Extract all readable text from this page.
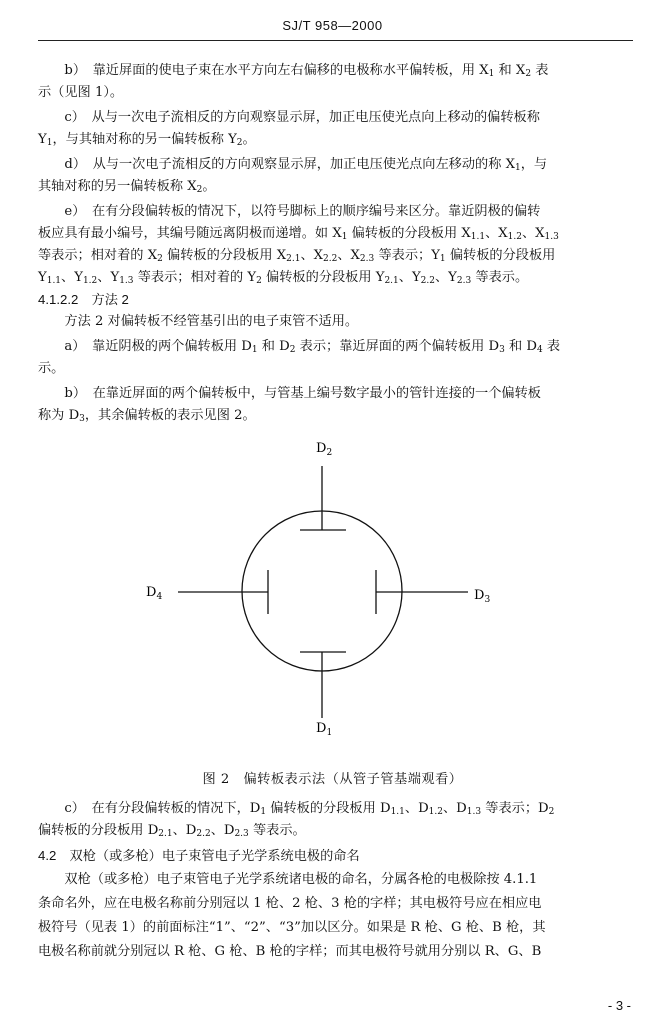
SJ/T 958—2000
b）　靠近屏面的使电子束在水平方向左右偏移的电极称水平偏转板，用 $X_1$ 和 $X_2$ 表
示（见图 1）。
c）　从与一次电子流相反的方向观察显示屏，加正电压使光点向上移动的偏转板称
$Y_1$，与其轴对称的另一偏转板称 $Y_2$。
d）　从与一次电子流相反的方向观察显示屏，加正电压使光点向左移动的称 $X_1$，与
其轴对称的另一偏转板称 $X_2$。
e）　在有分段偏转板的情况下，以符号脚标上的顺序编号来区分。靠近阴极的偏转
板应具有最小编号，其编号随远离阴极而递增。如 $X_1$ 偏转板的分段板用 $X_{1.1}$、$X_{1.2}$、$X_{1.3}$
等表示；相对着的 $X_2$ 偏转板的分段板用 $X_{2.1}$、$X_{2.2}$、$X_{2.3}$ 等表示；$Y_1$ 偏转板的分段板用
$Y_{1.1}$、$Y_{1.2}$、$Y_{1.3}$ 等表示；相对着的 $Y_2$ 偏转板的分段板用 $Y_{2.1}$、$Y_{2.2}$、$Y_{2.3}$ 等表示。
4.1.2.2　方法 2
方法 2 对偏转板不经管基引出的电子束管不适用。
a）　靠近阴极的两个偏转板用 $D_1$ 和 $D_2$ 表示；靠近屏面的两个偏转板用 $D_3$ 和 $D_4$ 表
示。
b）　在靠近屏面的两个偏转板中，与管基上编号数字最小的管针连接的一个偏转板
称为 $D_3$，其余偏转板的表示见图 2。
$D_2$
$D_4$	$D_3$
$D_1$
图 2　偏转板表示法（从管子管基端观看）
c）　在有分段偏转板的情况下，$D_1$ 偏转板的分段板用 $D_{1.1}$、$D_{1.2}$、$D_{1.3}$ 等表示；$D_2$
偏转板的分段板用 $D_{2.1}$、$D_{2.2}$、$D_{2.3}$ 等表示。
4.2　双枪（或多枪）电子束管电子光学系统电极的命名
双枪（或多枪）电子束管电子光学系统诸电极的命名，分属各枪的电极除按 4.1.1
条命名外，应在电极名称前分别冠以 1 枪、2 枪、3 枪的字样；其电极符号应在相应电
极符号（见表 1）的前面标注“1”、“2”、“3”加以区分。如果是 R 枪、G 枪、B 枪，其
电极名称前就分别冠以 R 枪、G 枪、B 枪的字样；而其电极符号就用分别以 R、G、B
- 3 -
